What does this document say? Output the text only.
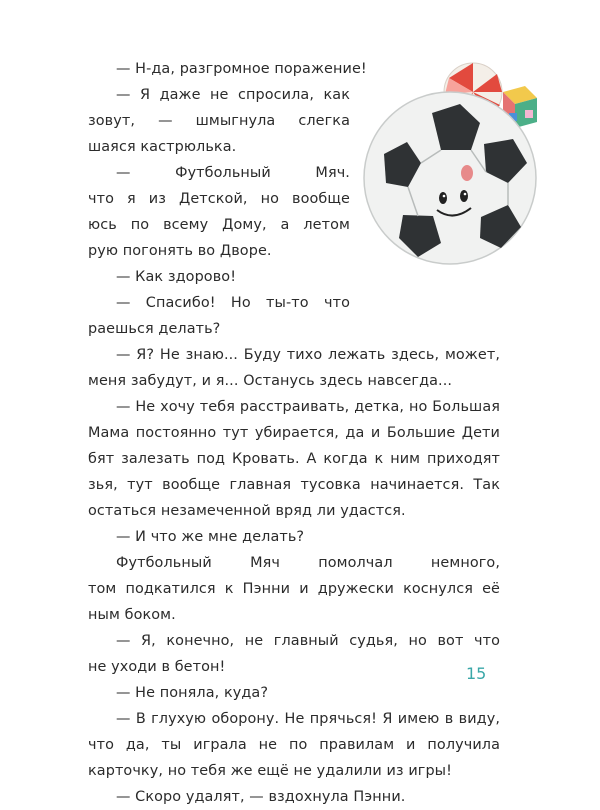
— Н-да, разгромное поражение!
— Я даже не спросила, как
зовут, — шмыгнула слегка
шаяся кастрюлька.
— Футбольный Мяч.
что я из Детской, но вообще
юсь по всему Дому, а летом
рую погонять во Дворе.
— Как здорово!
— Спасибо! Но ты-то что
раешься делать?
— Я? Не знаю... Буду тихо лежать здесь, может,
меня забудут, и я... Останусь здесь навсегда...
— Не хочу тебя расстраивать, детка, но Большая
Мама постоянно тут убирается, да и Большие Дети
бят залезать под Кровать. А когда к ним приходят
зья, тут вообще главная тусовка начинается. Так
остаться незамеченной вряд ли удастся.
— И что же мне делать?
Футбольный Мяч помолчал немного,
том подкатился к Пэнни и дружески коснулся её
ным боком.
— Я, конечно, не главный судья, но вот что
не уходи в бетон!
— Не поняла, куда?
— В глухую оборону. Не прячься! Я имею в виду,
что да, ты играла не по правилам и получила
карточку, но тебя же ещё не удалили из игры!
— Скоро удалят, — вздохнула Пэнни.
15
